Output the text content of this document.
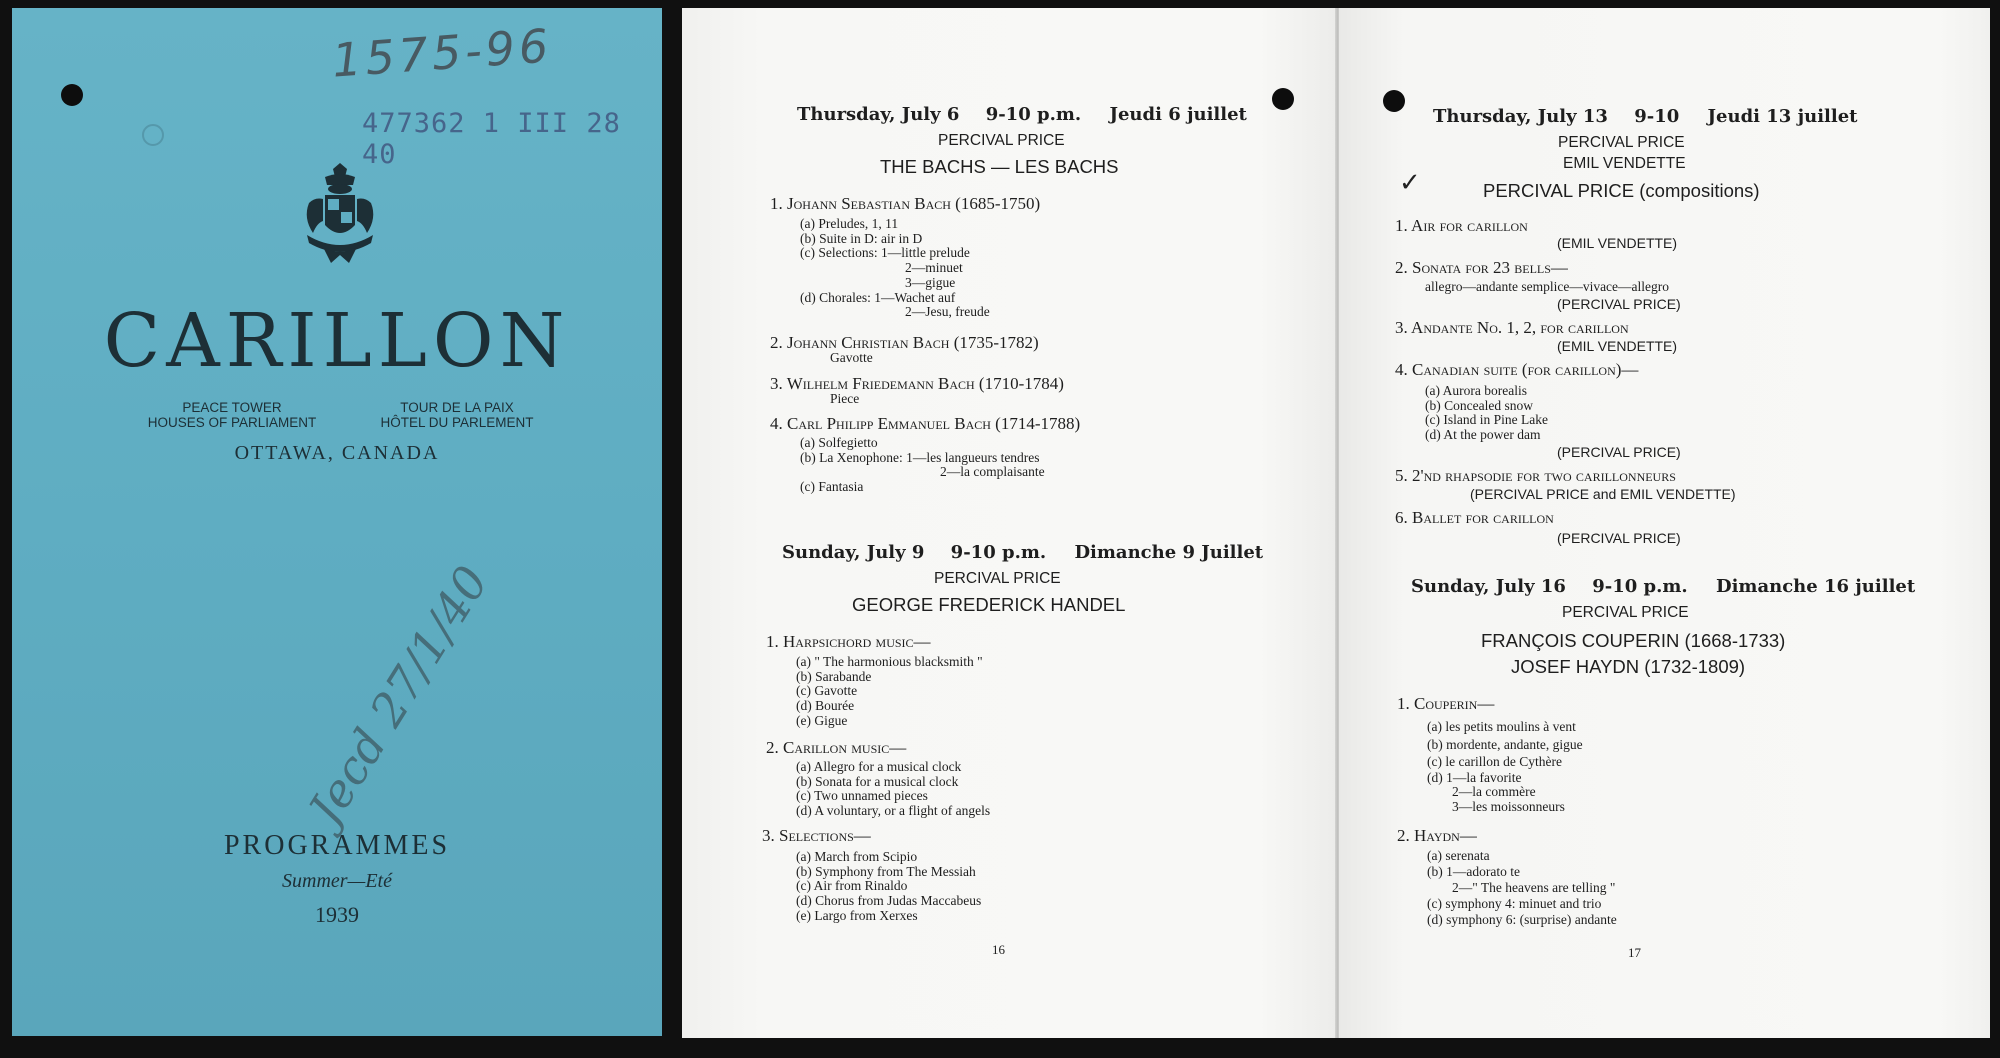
1575-96
477362 1 III 28 40
CARILLON
PEACE TOWER
HOUSES OF PARLIAMENT
TOUR DE LA PAIX
HÔTEL DU PARLEMENT
OTTAWA, CANADA
Jecd 27/1/40
PROGRAMMES
Summer—Eté
1939
Thursday, July 6 9-10 p.m. Jeudi 6 juillet
PERCIVAL PRICE
THE BACHS — LES BACHS
1. Johann Sebastian Bach (1685-1750)
(a) Preludes, 1, 11
(b) Suite in D: air in D
(c) Selections: 1—little prelude
2—minuet
3—gigue
(d) Chorales: 1—Wachet auf
2—Jesu, freude
2. Johann Christian Bach (1735-1782)
Gavotte
3. Wilhelm Friedemann Bach (1710-1784)
Piece
4. Carl Philipp Emmanuel Bach (1714-1788)
(a) Solfegietto
(b) La Xenophone: 1—les langueurs tendres
2—la complaisante
(c) Fantasia
Sunday, July 9 9-10 p.m. Dimanche 9 Juillet
PERCIVAL PRICE
GEORGE FREDERICK HANDEL
1. Harpsichord music—
(a) " The harmonious blacksmith "
(b) Sarabande
(c) Gavotte
(d) Bourée
(e) Gigue
2. Carillon music—
(a) Allegro for a musical clock
(b) Sonata for a musical clock
(c) Two unnamed pieces
(d) A voluntary, or a flight of angels
3. Selections—
(a) March from Scipio
(b) Symphony from The Messiah
(c) Air from Rinaldo
(d) Chorus from Judas Maccabeus
(e) Largo from Xerxes
16
Thursday, July 13 9-10 Jeudi 13 juillet
PERCIVAL PRICE
EMIL VENDETTE
✓	PERCIVAL PRICE (compositions)
1. Air for carillon
(EMIL VENDETTE)
2. Sonata for 23 bells—
allegro—andante semplice—vivace—allegro
(PERCIVAL PRICE)
3. Andante No. 1, 2, for carillon
(EMIL VENDETTE)
4. Canadian suite (for carillon)—
(a) Aurora borealis
(b) Concealed snow
(c) Island in Pine Lake
(d) At the power dam
(PERCIVAL PRICE)
5. 2'nd rhapsodie for two carillonneurs
(PERCIVAL PRICE and EMIL VENDETTE)
6. Ballet for carillon
(PERCIVAL PRICE)
Sunday, July 16 9-10 p.m. Dimanche 16 juillet
PERCIVAL PRICE
FRANÇOIS COUPERIN (1668-1733)
JOSEF HAYDN (1732-1809)
1. Couperin—
(a) les petits moulins à vent
(b) mordente, andante, gigue
(c) le carillon de Cythère
(d) 1—la favorite
2—la commère
3—les moissonneurs
2. Haydn—
(a) serenata
(b) 1—adorato te
2—" The heavens are telling "
(c) symphony 4: minuet and trio
(d) symphony 6: (surprise) andante
17
